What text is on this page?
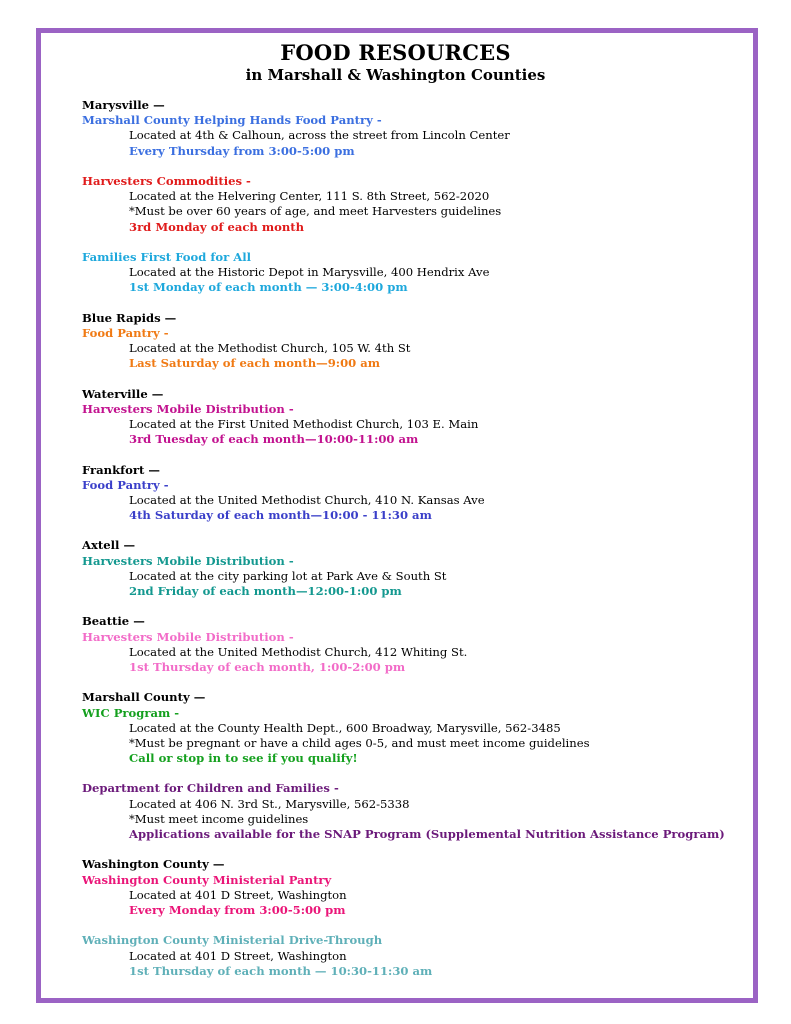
FOOD RESOURCES
in Marshall & Washington Counties
Marysville —
Marshall County Helping Hands Food Pantry -
Located at 4th & Calhoun, across the street from Lincoln Center
Every Thursday from 3:00-5:00 pm
Harvesters Commodities -
Located at the Helvering Center, 111 S. 8th Street, 562-2020
*Must be over 60 years of age, and meet Harvesters guidelines
3rd Monday of each month
Families First Food for All
Located at the Historic Depot in Marysville, 400 Hendrix Ave
1st Monday of each month — 3:00-4:00 pm
Blue Rapids —
Food Pantry -
Located at the Methodist Church, 105 W. 4th St
Last Saturday of each month—9:00 am
Waterville —
Harvesters Mobile Distribution -
Located at the First United Methodist Church, 103 E. Main
3rd Tuesday of each month—10:00-11:00 am
Frankfort —
Food Pantry -
Located at the United Methodist Church, 410 N. Kansas Ave
4th Saturday of each month—10:00 - 11:30 am
Axtell —
Harvesters Mobile Distribution -
Located at the city parking lot at Park Ave & South St
2nd Friday of each month—12:00-1:00 pm
Beattie —
Harvesters Mobile Distribution -
Located at the United Methodist Church, 412 Whiting St.
1st Thursday of each month, 1:00-2:00 pm
Marshall County —
WIC Program -
Located at the County Health Dept., 600 Broadway, Marysville, 562-3485
*Must be pregnant or have a child ages 0-5, and must meet income guidelines
Call or stop in to see if you qualify!
Department for Children and Families -
Located at 406 N. 3rd St., Marysville, 562-5338
*Must meet income guidelines
Applications available for the SNAP Program (Supplemental Nutrition Assistance Program)
Washington County —
Washington County Ministerial Pantry
Located at 401 D Street, Washington
Every Monday from 3:00-5:00 pm
Washington County Ministerial Drive-Through
Located at 401 D Street, Washington
1st Thursday of each month — 10:30-11:30 am
